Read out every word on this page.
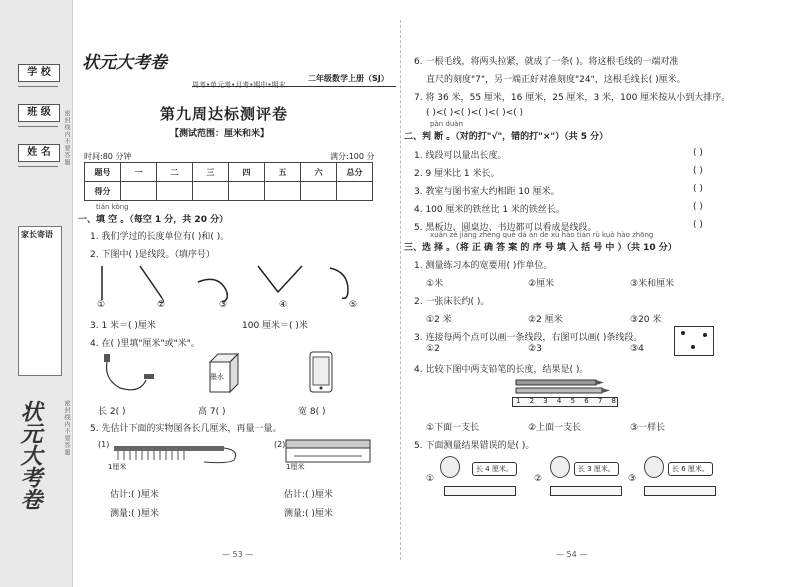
学 校
班 级
姓 名	密封线内不要答题
家长寄语
密封线内不要答题
状元大考卷
状元大考卷
周考•单元考•月考•期中•期末
二年级数学上册（SJ）
第九周达标测评卷
【测试范围：厘米和米】
时间:80 分钟	满分:100 分
题号	一	二	三	四	五	六	总分
得分							
tián kòng
一、填 空 。（每空 1 分，共 20 分）
1. 我们学过的长度单位有( )和( )。
2. 下图中( )是线段。（填序号）
①	②	③	④	⑤
3. 1 米＝( )厘米	100 厘米＝( )米
4. 在( )里填"厘米"或"米"。
墨水
长 2( )	高 7( )	宽 8( )
5. 先估计下面的实物图各长几厘米，再量一量。
(1)
1厘米
估计:( )厘米
测量:( )厘米
(2)
1厘米
估计:( )厘米
测量:( )厘米
— 53 —
6. 一根毛线，将两头拉紧，就成了一条( )。将这根毛线的一端对准
直尺的刻度"7"，另一端正好对准刻度"24"，这根毛线长( )厘米。
7. 将 36 米，55 厘米，16 厘米，25 厘米，3 米，100 厘米按从小到大排序。
( )<( )<( )<( )<( )<( )
pàn duàn
二、判 断 。（对的打"√"，错的打"×"）（共 5 分）
1. 线段可以量出长度。	( )
2. 9 厘米比 1 米长。	( )
3. 教室与图书室大约相距 10 厘米。	( )
4. 100 厘米的铁丝比 1 米的铁丝长。	( )
5. 黑板边、圆桌边、书边都可以看成是线段。	( )
xuǎn zé jiāng zhèng què dá àn de xù hào tián rù kuò hào zhōng
三、选 择 。（将 正 确 答 案 的 序 号 填 入 括 号 中 ）（共 10 分）
1. 测量练习本的宽要用( )作单位。
①米	②厘米	③米和厘米
2. 一张床长约( )。
①2 米	②2 厘米	③20 米
3. 连接每两个点可以画一条线段，右图可以画( )条线段。
①2	②3	③4
4. 比较下图中两支铅笔的长度，结果是( )。
1 2 3 4 5 6 7 8
①下面一支长	②上面一支长	③一样长
5. 下面测量结果错误的是( )。
①
长 4 厘米。
②
长 3 厘米。
③
长 6 厘米。
— 54 —
